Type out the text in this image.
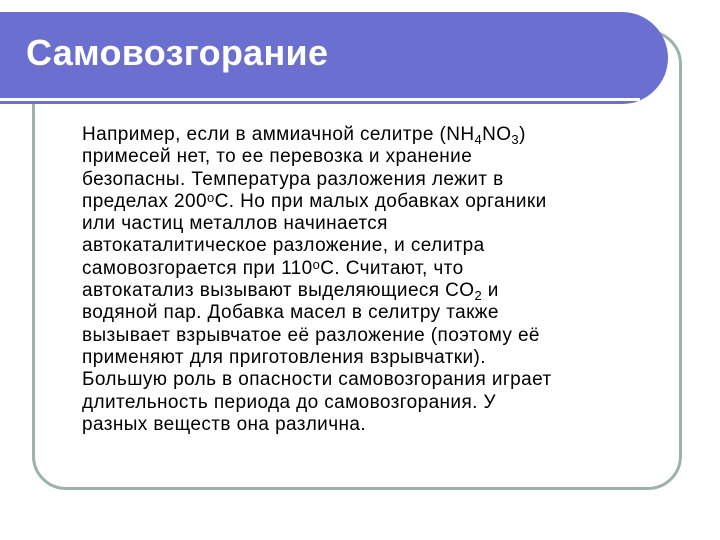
Самовозгорание
Например, если в аммиачной селитре $(NH_4NO_3)$
примесей нет, то ее перевозка и хранение
безопасны. Температура разложения лежит в
пределах 200$^o$C. Но при малых добавках органики
или частиц металлов начинается
автокаталитическое разложение, и селитра
самовозгорается при 110$^o$C. Считают, что
автокатализ вызывают выделяющиеся $CO_2$ и
водяной пар. Добавка масел в селитру также
вызывает взрывчатое её разложение (поэтому её
применяют для приготовления взрывчатки).
Большую роль в опасности самовозгорания играет
длительность периода до самовозгорания. У
разных веществ она различна.
